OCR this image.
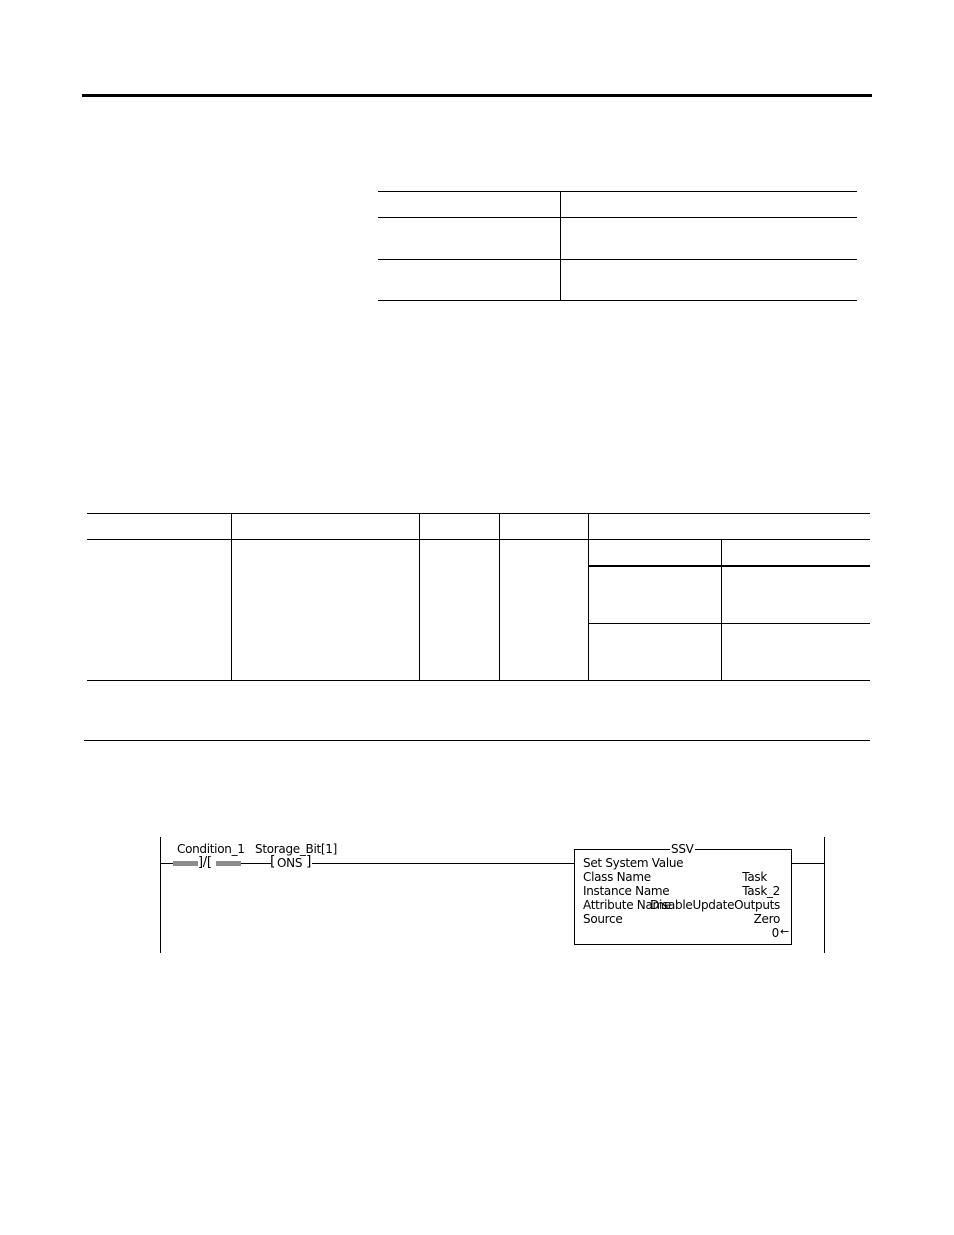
Condition_1
]/[
Storage_Bit[1]
[ ONS ]
SSV
Set System Value
Class Name	Task
Instance Name	Task_2
Attribute Name
DisableUpdateOutputs
Source	Zero
0 ←
